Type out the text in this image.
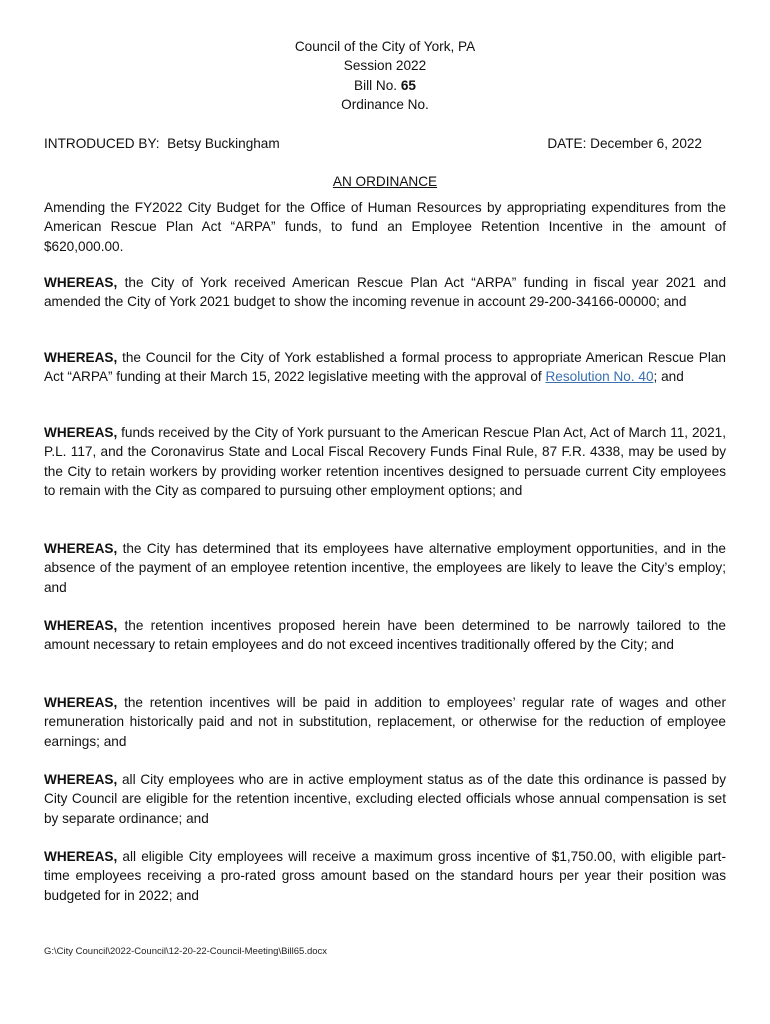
Council of the City of York, PA
Session 2022
Bill No. 65
Ordinance No.
INTRODUCED BY:  Betsy Buckingham	DATE: December 6, 2022
AN ORDINANCE

Amending the FY2022 City Budget for the Office of Human Resources by appropriating expenditures from the American Rescue Plan Act “ARPA” funds, to fund an Employee Retention Incentive in the amount of $620,000.00.

WHEREAS, the City of York received American Rescue Plan Act “ARPA” funding in fiscal year 2021 and amended the City of York 2021 budget to show the incoming revenue in account 29-200-34166-00000; and

WHEREAS, the Council for the City of York established a formal process to appropriate American Rescue Plan Act “ARPA” funding at their March 15, 2022 legislative meeting with the approval of Resolution No. 40; and

WHEREAS, funds received by the City of York pursuant to the American Rescue Plan Act, Act of March 11, 2021, P.L. 117, and the Coronavirus State and Local Fiscal Recovery Funds Final Rule, 87 F.R. 4338, may be used by the City to retain workers by providing worker retention incentives designed to persuade current City employees to remain with the City as compared to pursuing other employment options; and

WHEREAS, the City has determined that its employees have alternative employment opportunities, and in the absence of the payment of an employee retention incentive, the employees are likely to leave the City’s employ; and

WHEREAS, the retention incentives proposed herein have been determined to be narrowly tailored to the amount necessary to retain employees and do not exceed incentives traditionally offered by the City; and

WHEREAS, the retention incentives will be paid in addition to employees’ regular rate of wages and other remuneration historically paid and not in substitution, replacement, or otherwise for the reduction of employee earnings; and

WHEREAS, all City employees who are in active employment status as of the date this ordinance is passed by City Council are eligible for the retention incentive, excluding elected officials whose annual compensation is set by separate ordinance; and

WHEREAS, all eligible City employees will receive a maximum gross incentive of $1,750.00, with eligible part-time employees receiving a pro-rated gross amount based on the standard hours per year their position was budgeted for in 2022; and

G:\City Council\2022-Council\12-20-22-Council-Meeting\Bill65.docx
